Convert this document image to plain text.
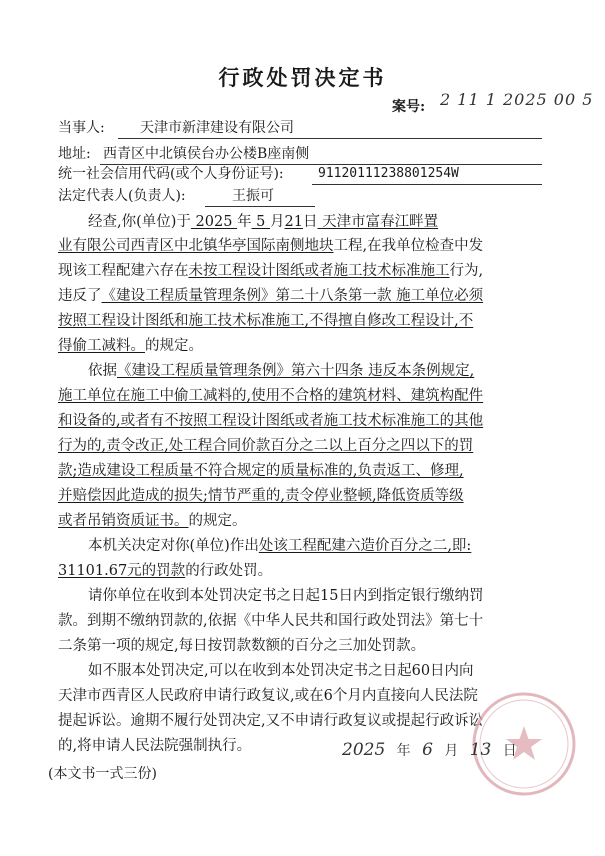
行政处罚决定书
案号: 2 11 1 2025 00 5
当事人:	天津市新津建设有限公司
地址: 西青区中北镇侯台办公楼B座南侧
统一社会信用代码(或个人身份证号):	91120111238801254W
法定代表人(负责人):	王振可
经查,你(单位)于 2025 年 5 月21日 天津市富春江畔置
业有限公司西青区中北镇华亭国际南侧地块工程,在我单位检查中发
现该工程配建六存在未按工程设计图纸或者施工技术标准施工行为,
违反了《建设工程质量管理条例》第二十八条第一款 施工单位必须
按照工程设计图纸和施工技术标准施工,不得擅自修改工程设计,不
得偷工减料。的规定。
依据《建设工程质量管理条例》第六十四条 违反本条例规定,
施工单位在施工中偷工减料的,使用不合格的建筑材料、建筑构配件
和设备的,或者有不按照工程设计图纸或者施工技术标准施工的其他
行为的,责令改正,处工程合同价款百分之二以上百分之四以下的罚
款;造成建设工程质量不符合规定的质量标准的,负责返工、修理,
并赔偿因此造成的损失;情节严重的,责令停业整顿,降低资质等级
或者吊销资质证书。的规定。
本机关决定对你(单位)作出处该工程配建六造价百分之二,即:
31101.67元的罚款的行政处罚。
请你单位在收到本处罚决定书之日起15日内到指定银行缴纳罚
款。到期不缴纳罚款的,依据《中华人民共和国行政处罚法》第七十
二条第一项的规定,每日按罚款数额的百分之三加处罚款。
如不服本处罚决定,可以在收到本处罚决定书之日起60日内向
天津市西青区人民政府申请行政复议,或在6个月内直接向人民法院
提起诉讼。逾期不履行处罚决定,又不申请行政复议或提起行政诉讼
的,将申请人民法院强制执行。	2025 年 6 月 13 日
(本文书一式三份)
